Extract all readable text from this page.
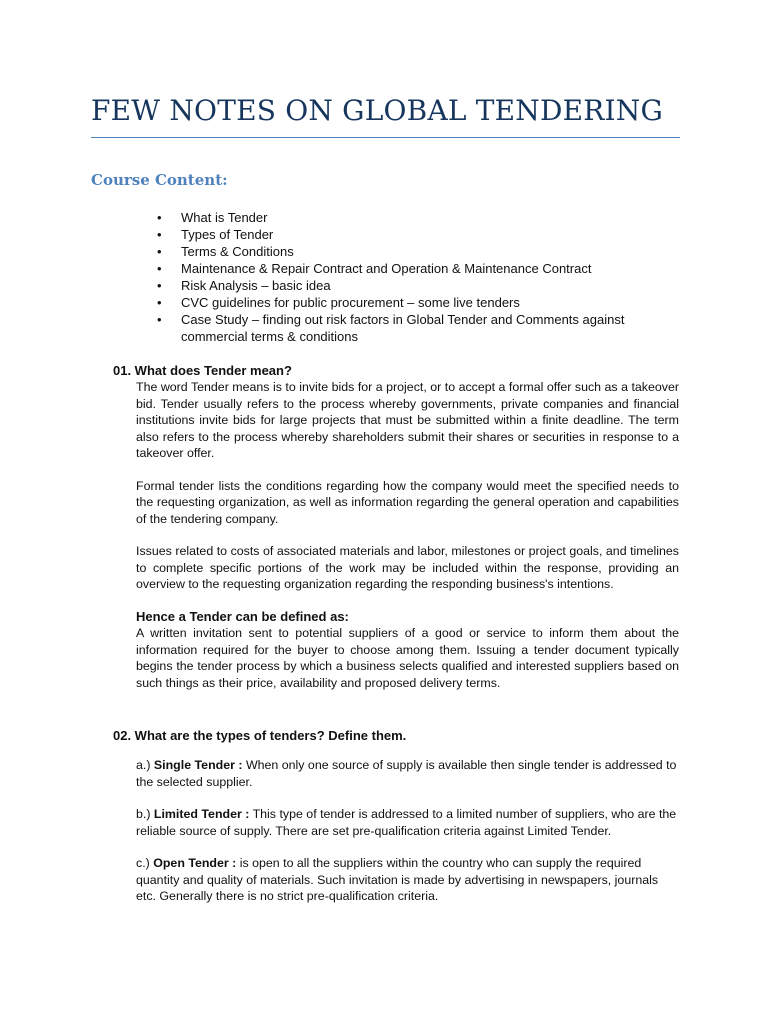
FEW NOTES ON GLOBAL TENDERING
Course Content:
• What is Tender
• Types of Tender
• Terms & Conditions
• Maintenance & Repair Contract and Operation & Maintenance Contract
• Risk Analysis – basic idea
• CVC guidelines for public procurement – some live tenders
• Case Study – finding out risk factors in Global Tender and Comments against commercial terms & conditions
01. What does Tender mean?

The word Tender means is to invite bids for a project, or to accept a formal offer such as a takeover bid. Tender usually refers to the process whereby governments, private companies and financial institutions invite bids for large projects that must be submitted within a finite deadline. The term also refers to the process whereby shareholders submit their shares or securities in response to a takeover offer.

Formal tender lists the conditions regarding how the company would meet the specified needs to the requesting organization, as well as information regarding the general operation and capabilities of the tendering company.

Issues related to costs of associated materials and labor, milestones or project goals, and timelines to complete specific portions of the work may be included within the response, providing an overview to the requesting organization regarding the responding business's intentions.

Hence a Tender can be defined as:

A written invitation sent to potential suppliers of a good or service to inform them about the information required for the buyer to choose among them. Issuing a tender document typically begins the tender process by which a business selects qualified and interested suppliers based on such things as their price, availability and proposed delivery terms.

02. What are the types of tenders? Define them.

a.) Single Tender : When only one source of supply is available then single tender is addressed to the selected supplier.

b.) Limited Tender : This type of tender is addressed to a limited number of suppliers, who are the reliable source of supply. There are set pre-qualification criteria against Limited Tender.

c.) Open Tender : is open to all the suppliers within the country who can supply the required quantity and quality of materials. Such invitation is made by advertising in newspapers, journals etc. Generally there is no strict pre-qualification criteria.
